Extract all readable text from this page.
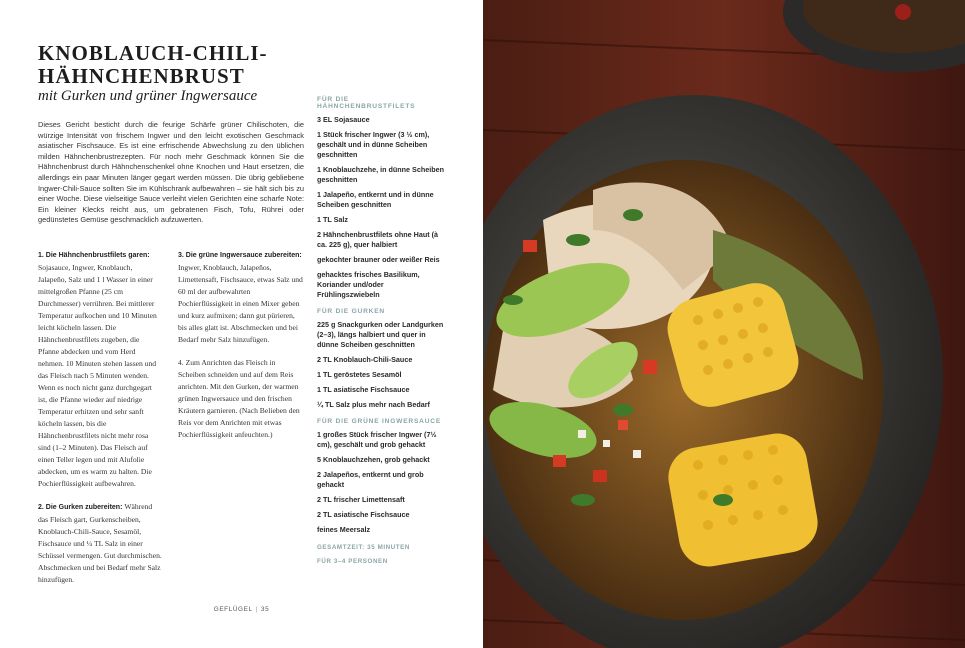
KNOBLAUCH-CHILI-
HÄHNCHENBRUST
mit Gurken und grüner Ingwersauce

Dieses Gericht besticht durch die feurige Schärfe grüner Chilischoten, die würzige Intensität von frischem Ingwer und den leicht exotischen Geschmack asiatischer Fischsauce. Es ist eine erfrischende Abwechslung zu den üblichen milden Hähnchenbrustrezepten. Für noch mehr Geschmack können Sie die Hähnchenbrust durch Hähnchenschenkel ohne Knochen und Haut ersetzen, die allerdings ein paar Minuten länger gegart werden müssen. Die übrig gebliebene Ingwer-Chili-Sauce sollten Sie im Kühlschrank aufbewahren – sie hält sich bis zu einer Woche. Diese vielseitige Sauce verleiht vielen Gerichten eine scharfe Note: Ein kleiner Klecks reicht aus, um gebratenen Fisch, Tofu, Rührei oder gedünstetes Gemüse geschmacklich aufzuwerten.

1. Die Hähnchenbrustfilets garen: Sojasauce, Ingwer, Knoblauch, Jalapeño, Salz und 1 l Wasser in einer mittelgroßen Pfanne (25 cm Durchmesser) verrühren. Bei mittlerer Temperatur aufkochen und 10 Minuten leicht köcheln lassen. Die Hähnchenbrustfilets zugeben, die Pfanne abdecken und vom Herd nehmen. 10 Minuten stehen lassen und das Fleisch nach 5 Minuten wenden. Wenn es noch nicht ganz durchgegart ist, die Pfanne wieder auf niedrige Temperatur erhitzen und sehr sanft köcheln lassen, bis die Hähnchenbrustfilets nicht mehr rosa sind (1–2 Minuten). Das Fleisch auf einen Teller legen und mit Alufolie abdecken, um es warm zu halten. Die Pochierflüssigkeit aufbewahren.

2. Die Gurken zubereiten: Während das Fleisch gart, Gurkenscheiben, Knoblauch-Chili-Sauce, Sesamöl, Fischsauce und ¼ TL Salz in einer Schüssel vermengen. Gut durchmischen. Abschmecken und bei Bedarf mehr Salz hinzufügen.

3. Die grüne Ingwersauce zubereiten: Ingwer, Knoblauch, Jalapeños, Limettensaft, Fischsauce, etwas Salz und 60 ml der aufbewahrten Pochierflüssigkeit in einen Mixer geben und kurz aufmixen; dann gut pürieren, bis alles glatt ist. Abschmecken und bei Bedarf mehr Salz hinzufügen.

4. Zum Anrichten das Fleisch in Scheiben schneiden und auf dem Reis anrichten. Mit den Gurken, der warmen grünen Ingwersauce und den frischen Kräutern garnieren. (Nach Belieben den Reis vor dem Anrichten mit etwas Pochierflüssigkeit anfeuchten.)

FÜR DIE HÄHNCHENBRUSTFILETS
3 EL Sojasauce
1 Stück frischer Ingwer (3 ½ cm), geschält und in dünne Scheiben geschnitten
1 Knoblauchzehe, in dünne Scheiben geschnitten
1 Jalapeño, entkernt und in dünne Scheiben geschnitten
1 TL Salz
2 Hähnchenbrustfilets ohne Haut (à ca. 225 g), quer halbiert
gekochter brauner oder weißer Reis
gehacktes frisches Basilikum, Koriander und/oder Frühlingszwiebeln
FÜR DIE GURKEN
225 g Snackgurken oder Landgurken (2–3), längs halbiert und quer in dünne Scheiben geschnitten
2 TL Knoblauch-Chili-Sauce
1 TL geröstetes Sesamöl
1 TL asiatische Fischsauce
¼ TL Salz plus mehr nach Bedarf
FÜR DIE GRÜNE INGWERSAUCE
1 großes Stück frischer Ingwer (7½ cm), geschält und grob gehackt
5 Knoblauchzehen, grob gehackt
2 Jalapeños, entkernt und grob gehackt
2 TL frischer Limettensaft
2 TL asiatische Fischsauce
feines Meersalz
GESAMTZEIT: 35 MINUTEN
FÜR 3–4 PERSONEN
GEFLÜGEL | 35
